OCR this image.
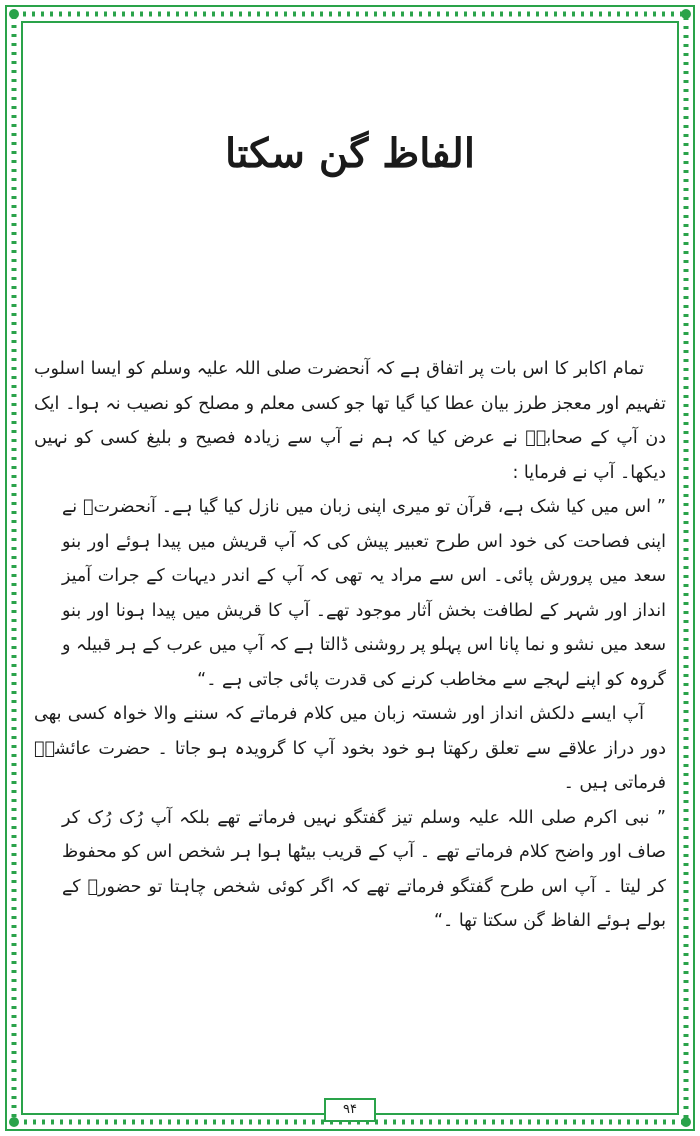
الفاظ گن سکتا

تمام اکابر کا اس بات پر اتفاق ہے کہ آنحضرت صلی اللہ علیہ وسلم کو ایسا اسلوب تفہیم اور معجز طرز بیان عطا کیا گیا تھا جو کسی معلم و مصلح کو نصیب نہ ہوا۔ ایک دن آپ کے صحابہؓ نے عرض کیا کہ ہم نے آپ سے زیادہ فصیح و بلیغ کسی کو نہیں دیکھا۔ آپ نے فرمایا :

” اس میں کیا شک ہے، قرآن تو میری اپنی زبان میں نازل کیا گیا ہے۔ آنحضرتؐ نے اپنی فصاحت کی خود اس طرح تعبیر پیش کی کہ آپ قریش میں پیدا ہوئے اور بنو سعد میں پرورش پائی۔ اس سے مراد یہ تھی کہ آپ کے اندر دیہات کے جرات آمیز انداز اور شہر کے لطافت بخش آثار موجود تھے۔ آپ کا قریش میں پیدا ہونا اور بنو سعد میں نشو و نما پانا اس پہلو پر روشنی ڈالتا ہے کہ آپ میں عرب کے ہر قبیلہ و گروہ کو اپنے لہجے سے مخاطب کرنے کی قدرت پائی جاتی ہے ۔“

آپ ایسے دلکش انداز اور شستہ زبان میں کلام فرماتے کہ سننے والا خواہ کسی بھی دور دراز علاقے سے تعلق رکھتا ہو خود بخود آپ کا گرویدہ ہو جاتا ۔ حضرت عائشہؓ فرماتی ہیں ۔

” نبی اکرم صلی اللہ علیہ وسلم تیز گفتگو نہیں فرماتے تھے بلکہ آپ رُک رُک کر صاف اور واضح کلام فرماتے تھے ۔ آپ کے قریب بیٹھا ہوا ہر شخص اس کو محفوظ کر لیتا ۔ آپ اس طرح گفتگو فرماتے تھے کہ اگر کوئی شخص چاہتا تو حضورؐ کے بولے ہوئے الفاظ گن سکتا تھا ۔“

۹۴
